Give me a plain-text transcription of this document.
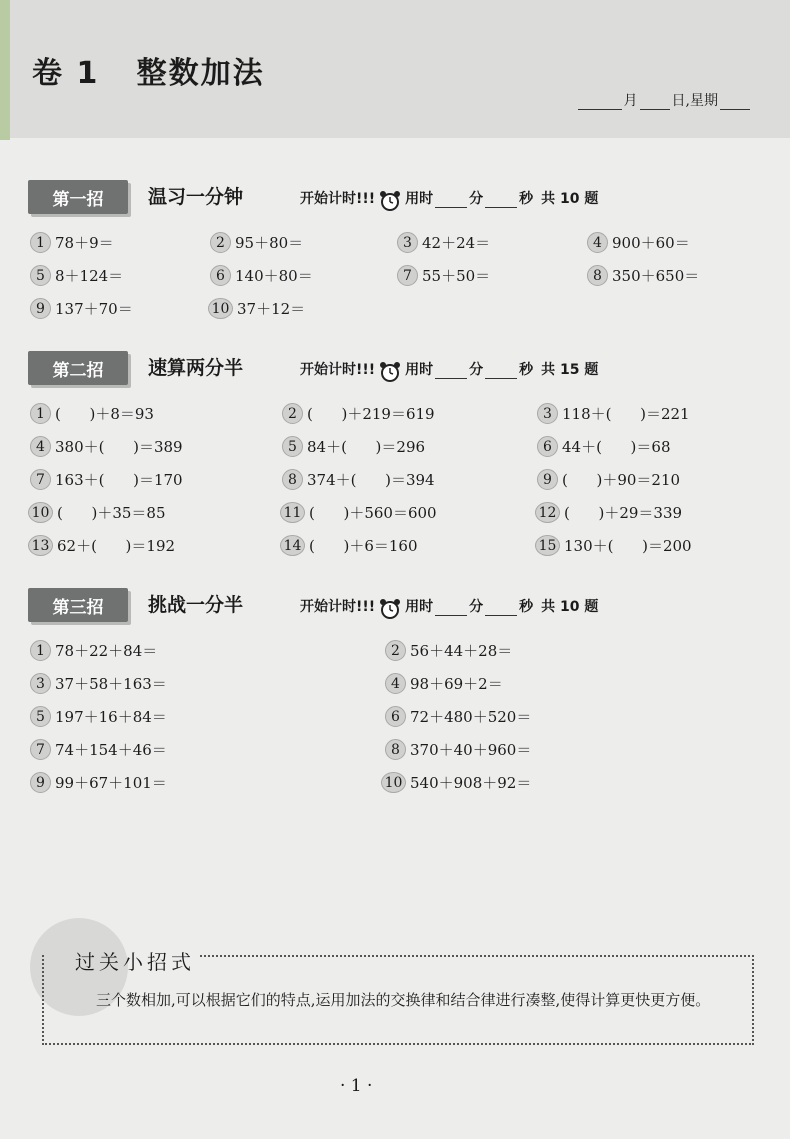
卷 1   整数加法
月 日, 星期
第一招	温习一分钟	开始计时!!! 用时	分	秒 共 10 题
1 78＋9＝	2 95＋80＝	3 42＋24＝	4 900＋60＝
5 8＋124＝	6 140＋80＝	7 55＋50＝	8 350＋650＝
9 137＋70＝	10 37＋12＝
第二招	速算两分半	开始计时!!! 用时	分	秒 共 15 题
1 (      )＋8＝93	2 (      )＋219＝619	3 118＋(      )＝221
4 380＋(      )＝389	5 84＋(      )＝296	6 44＋(      )＝68
7 163＋(      )＝170	8 374＋(      )＝394	9 (      )＋90＝210
10 (      )＋35＝85	11 (      )＋560＝600	12 (      )＋29＝339
13 62＋(      )＝192	14 (      )＋6＝160	15 130＋(      )＝200
第三招	挑战一分半	开始计时!!! 用时	分	秒 共 10 题
1 78＋22＋84＝	2 56＋44＋28＝
3 37＋58＋163＝	4 98＋69＋2＝
5 197＋16＋84＝	6 72＋480＋520＝
7 74＋154＋46＝	8 370＋40＋960＝
9 99＋67＋101＝	10 540＋908＋92＝
过关小招式
三个数相加,可以根据它们的特点,运用加法的交换律和结合律进行凑整,使得计算更快更方便。
· 1 ·
